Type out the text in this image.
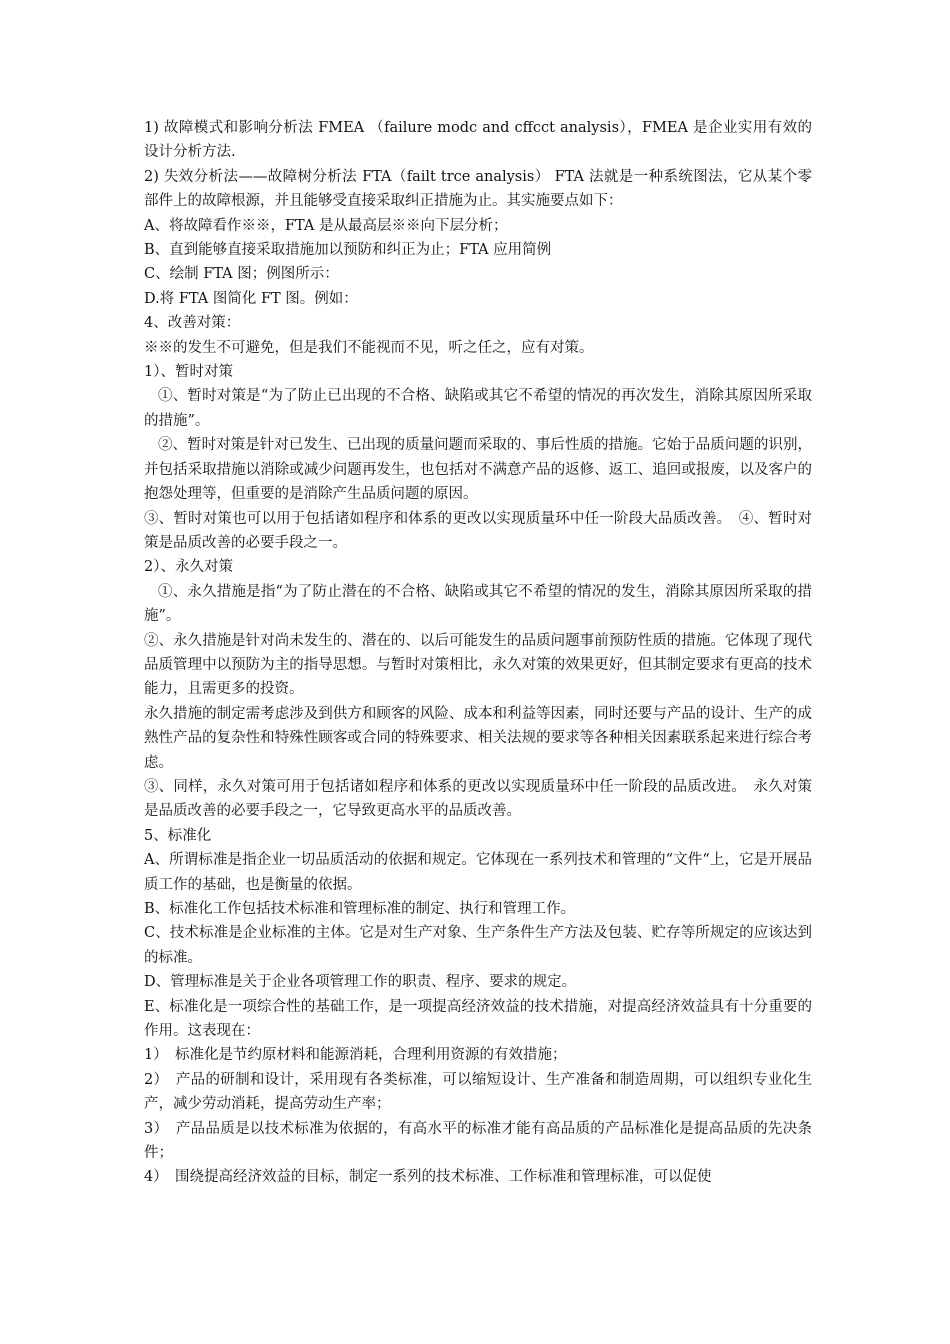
1) 故障模式和影响分析法 FMEA （failure modc and cffcct analysis），FMEA 是企业实用有效的设计分析方法.

2) 失效分析法——故障树分析法 FTA（failt trce analysis） FTA 法就是一种系统图法，它从某个零部件上的故障根源，并且能够受直接采取纠正措施为止。其实施要点如下：

A、将故障看作※※，FTA 是从最高层※※向下层分析；

B、直到能够直接采取措施加以预防和纠正为止；FTA 应用简例

C、绘制 FTA 图；例图所示：

D.将 FTA 图简化 FT 图。例如：

4、改善对策：

※※的发生不可避免，但是我们不能视而不见，听之任之，应有对策。

1）、暂时对策

①、暂时对策是“为了防止已出现的不合格、缺陷或其它不希望的情况的再次发生，消除其原因所采取的措施”。

②、暂时对策是针对已发生、已出现的质量问题而采取的、事后性质的措施。它始于品质问题的识别，并包括采取措施以消除或减少问题再发生，也包括对不满意产品的返修、返工、追回或报废，以及客户的抱怨处理等，但重要的是消除产生品质问题的原因。

③、暂时对策也可以用于包括诸如程序和体系的更改以实现质量环中任一阶段大品质改善。　④、暂时对策是品质改善的必要手段之一。

2）、永久对策

①、永久措施是指“为了防止潜在的不合格、缺陷或其它不希望的情况的发生，消除其原因所采取的措施”。

②、永久措施是针对尚未发生的、潜在的、以后可能发生的品质问题事前预防性质的措施。它体现了现代品质管理中以预防为主的指导思想。与暂时对策相比，永久对策的效果更好，但其制定要求有更高的技术能力，且需更多的投资。

永久措施的制定需考虑涉及到供方和顾客的风险、成本和利益等因素，同时还要与产品的设计、生产的成熟性产品的复杂性和特殊性顾客或合同的特殊要求、相关法规的要求等各种相关因素联系起来进行综合考虑。

③、同样，永久对策可用于包括诸如程序和体系的更改以实现质量环中任一阶段的品质改进。　永久对策是品质改善的必要手段之一，它导致更高水平的品质改善。

5、标准化

A、所谓标准是指企业一切品质活动的依据和规定。它体现在一系列技术和管理的“文件“上，它是开展品质工作的基础，也是衡量的依据。

B、标准化工作包括技术标准和管理标准的制定、执行和管理工作。

C、技术标准是企业标准的主体。它是对生产对象、生产条件生产方法及包装、贮存等所规定的应该达到的标准。

D、管理标准是关于企业各项管理工作的职责、程序、要求的规定。

E、标准化是一项综合性的基础工作，是一项提高经济效益的技术措施，对提高经济效益具有十分重要的作用。这表现在：

1）　标准化是节约原材料和能源消耗，合理利用资源的有效措施；

2）　产品的研制和设计，采用现有各类标准，可以缩短设计、生产准备和制造周期，可以组织专业化生产，减少劳动消耗，提高劳动生产率；

3）　产品品质是以技术标准为依据的，有高水平的标准才能有高品质的产品标准化是提高品质的先决条件；

4）　围绕提高经济效益的目标，制定一系列的技术标准、工作标准和管理标准，可以促使
